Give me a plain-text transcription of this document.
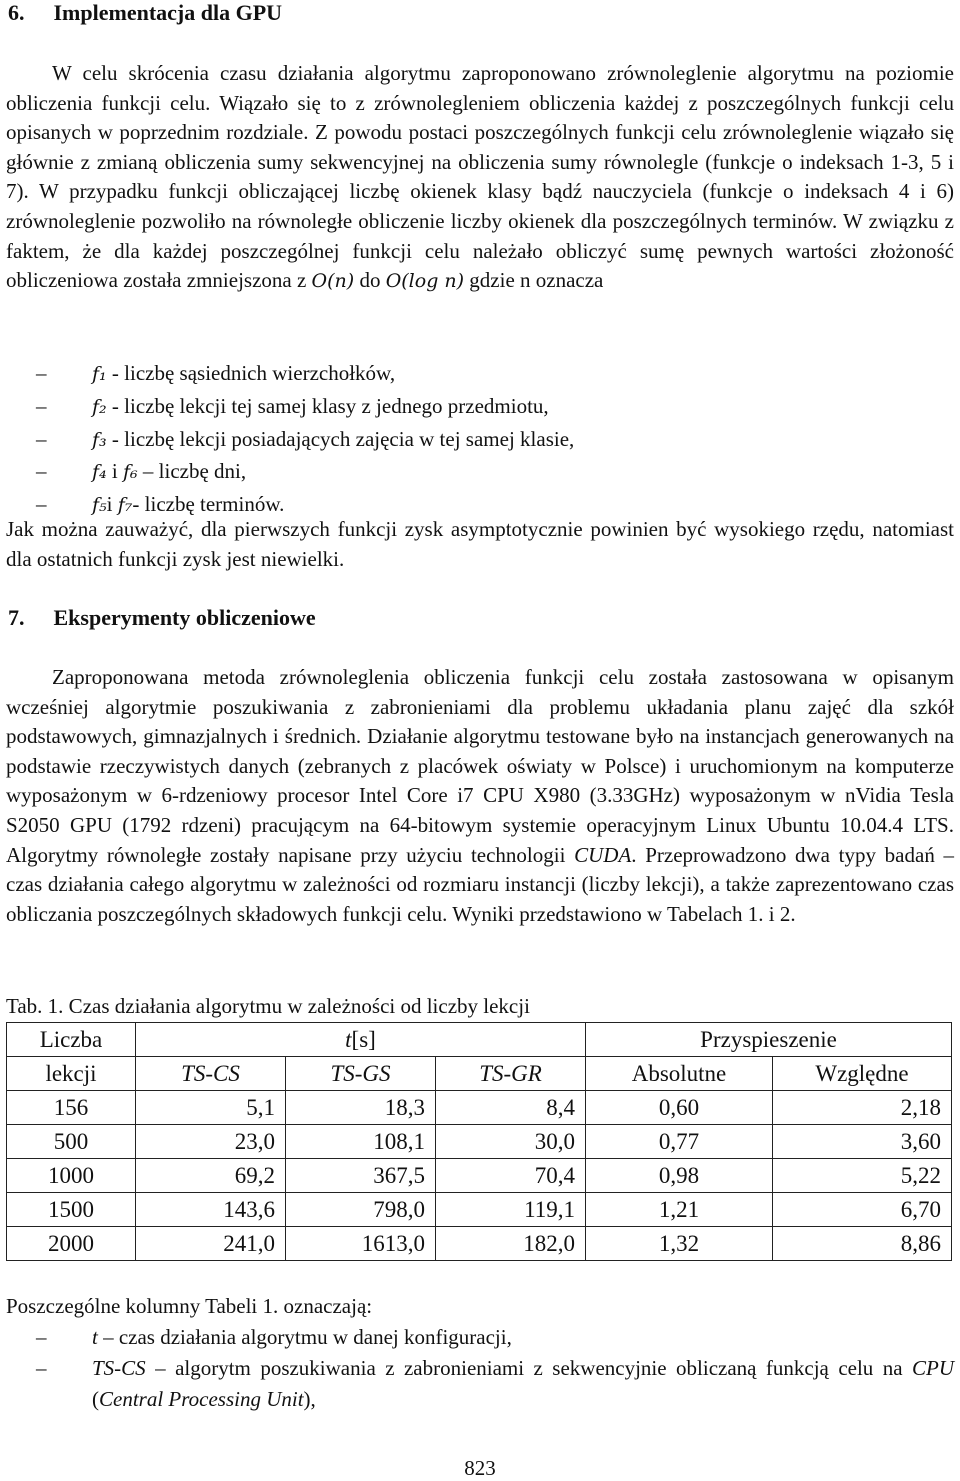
6. Implementacja dla GPU

W celu skrócenia czasu działania algorytmu zaproponowano zrównoleglenie algorytmu na poziomie obliczenia funkcji celu. Wiązało się to z zrównolegleniem obliczenia każdej z poszczególnych funkcji celu opisanych w poprzednim rozdziale. Z powodu postaci poszczególnych funkcji celu zrównoleglenie wiązało się głównie z zmianą obliczenia sumy sekwencyjnej na obliczenia sumy równolegle (funkcje o indeksach 1-3, 5 i 7). W przypadku funkcji obliczającej liczbę okienek klasy bądź nauczyciela (funkcje o indeksach 4 i 6) zrównoleglenie pozwoliło na równoległe obliczenie liczby okienek dla poszczególnych terminów. W związku z faktem, że dla każdej poszczególnej funkcji celu należało obliczyć sumę pewnych wartości złożoność obliczeniowa została zmniejszona z O(n) do O(log n) gdzie n oznacza

– f₁ - liczbę sąsiednich wierzchołków,
– f₂ - liczbę lekcji tej samej klasy z jednego przedmiotu,
– f₃ - liczbę lekcji posiadających zajęcia w tej samej klasie,
– f₄ i f₆ – liczbę dni,
– f₅i f₇- liczbę terminów.

Jak można zauważyć, dla pierwszych funkcji zysk asymptotycznie powinien być wysokiego rzędu, natomiast dla ostatnich funkcji zysk jest niewielki.

7. Eksperymenty obliczeniowe

Zaproponowana metoda zrównoleglenia obliczenia funkcji celu została zastosowana w opisanym wcześniej algorytmie poszukiwania z zabronieniami dla problemu układania planu zajęć dla szkół podstawowych, gimnazjalnych i średnich. Działanie algorytmu testowane było na instancjach generowanych na podstawie rzeczywistych danych (zebranych z placówek oświaty w Polsce) i uruchomionym na komputerze wyposażonym w 6-rdzeniowy procesor Intel Core i7 CPU X980 (3.33GHz) wyposażonym w nVidia Tesla S2050 GPU (1792 rdzeni) pracującym na 64-bitowym systemie operacyjnym Linux Ubuntu 10.04.4 LTS. Algorytmy równoległe zostały napisane przy użyciu technologii CUDA. Przeprowadzono dwa typy badań – czas działania całego algorytmu w zależności od rozmiaru instancji (liczby lekcji), a także zaprezentowano czas obliczania poszczególnych składowych funkcji celu. Wyniki przedstawiono w Tabelach 1. i 2.

Tab. 1. Czas działania algorytmu w zależności od liczby lekcji
Liczba	t[s]			Przyspieszenie	
lekcji	TS-CS	TS-GS	TS-GR	Absolutne	Względne
156	5,1	18,3	8,4	0,60	2,18
500	23,0	108,1	30,0	0,77	3,60
1000	69,2	367,5	70,4	0,98	5,22
1500	143,6	798,0	119,1	1,21	6,70
2000	241,0	1613,0	182,0	1,32	8,86
Poszczególne kolumny Tabeli 1. oznaczają:
– t – czas działania algorytmu w danej konfiguracji,
– TS-CS – algorytm poszukiwania z zabronieniami z sekwencyjnie obliczaną funkcją celu na CPU (Central Processing Unit),
823
